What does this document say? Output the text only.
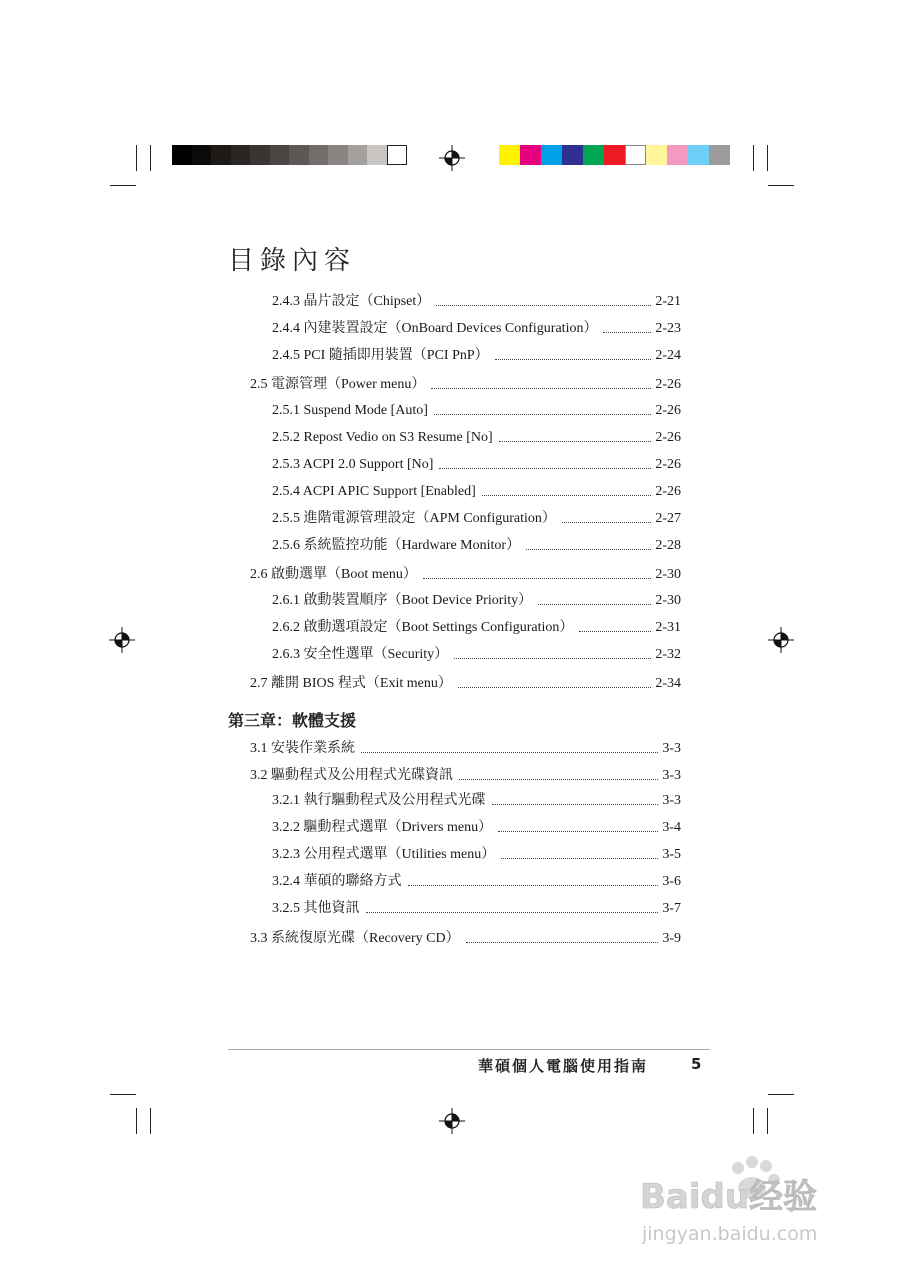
目錄內容
2.4.3 晶片設定（Chipset）	2-21
2.4.4 內建裝置設定（OnBoard Devices Configuration）	2-23
2.4.5 PCI 隨插即用裝置（PCI PnP）	2-24
2.5 電源管理（Power menu）	2-26
2.5.1 Suspend Mode [Auto]	2-26
2.5.2 Repost Vedio on S3 Resume [No]	2-26
2.5.3 ACPI 2.0 Support [No]	2-26
2.5.4 ACPI APIC Support [Enabled]	2-26
2.5.5 進階電源管理設定（APM Configuration）	2-27
2.5.6 系統監控功能（Hardware Monitor）	2-28
2.6 啟動選單（Boot menu）	2-30
2.6.1 啟動裝置順序（Boot Device Priority）	2-30
2.6.2 啟動選項設定（Boot Settings Configuration）	2-31
2.6.3 安全性選單（Security）	2-32
2.7 離開 BIOS 程式（Exit menu）	2-34
第三章：軟體支援
3.1 安裝作業系統	3-3
3.2 驅動程式及公用程式光碟資訊	3-3
3.2.1 執行驅動程式及公用程式光碟	3-3
3.2.2 驅動程式選單（Drivers menu）	3-4
3.2.3 公用程式選單（Utilities menu）	3-5
3.2.4 華碩的聯絡方式	3-6
3.2.5 其他資訊	3-7
3.3 系統復原光碟（Recovery CD）	3-9
華碩個人電腦使用指南	5
Baidu经验
jingyan.baidu.com
